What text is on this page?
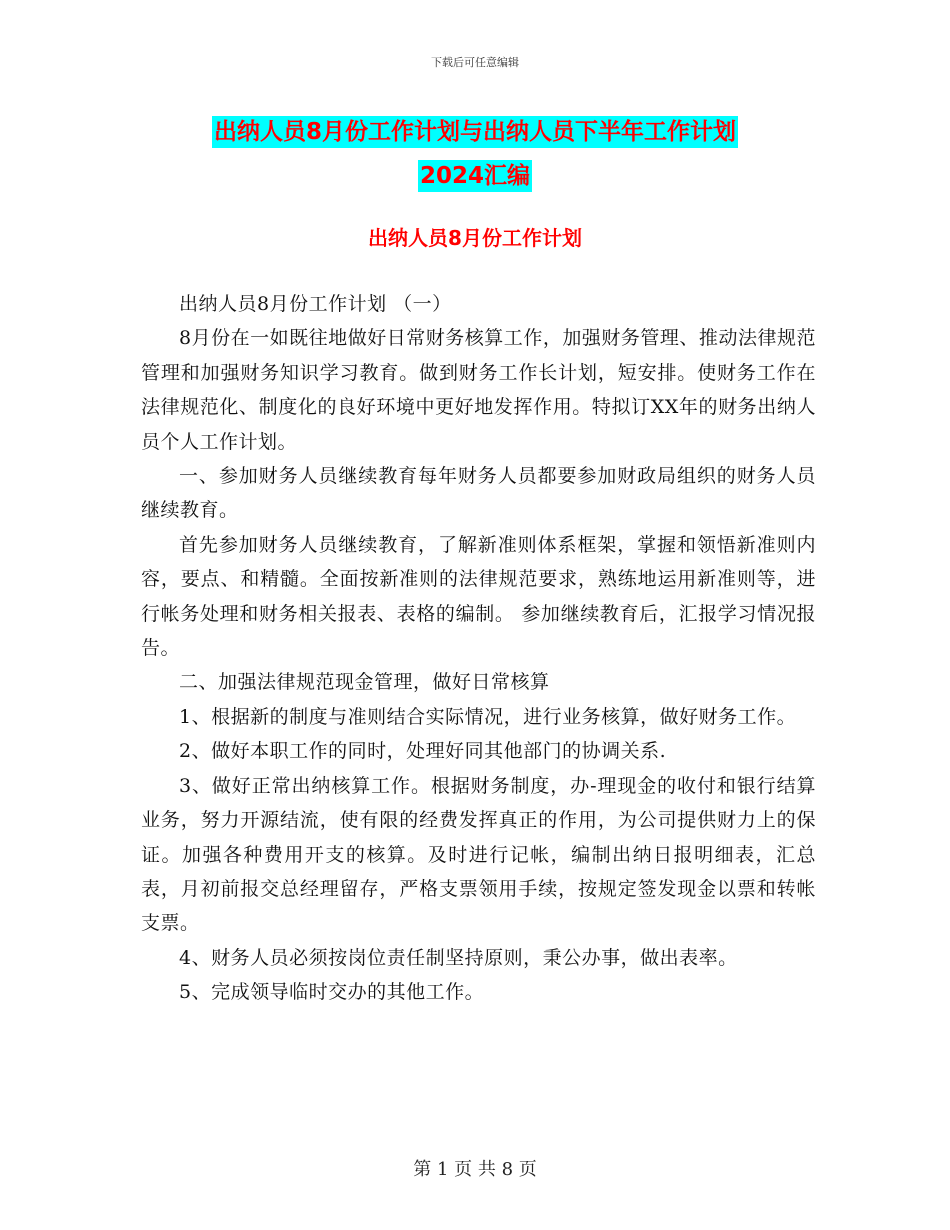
下载后可任意编辑
出纳人员8月份工作计划与出纳人员下半年工作计划
2024汇编
出纳人员8月份工作计划

出纳人员8月份工作计划 （一）

8月份在一如既往地做好日常财务核算工作，加强财务管理、推动法律规范管理和加强财务知识学习教育。做到财务工作长计划，短安排。使财务工作在法律规范化、制度化的良好环境中更好地发挥作用。特拟订XX年的财务出纳人员个人工作计划。

一、参加财务人员继续教育每年财务人员都要参加财政局组织的财务人员继续教育。

首先参加财务人员继续教育，了解新准则体系框架，掌握和领悟新准则内容，要点、和精髓。全面按新准则的法律规范要求，熟练地运用新准则等，进行帐务处理和财务相关报表、表格的编制。 参加继续教育后，汇报学习情况报告。

二、加强法律规范现金管理，做好日常核算

1、根据新的制度与准则结合实际情况，进行业务核算，做好财务工作。

2、做好本职工作的同时，处理好同其他部门的协调关系.

3、做好正常出纳核算工作。根据财务制度，办-理现金的收付和银行结算业务，努力开源结流，使有限的经费发挥真正的作用，为公司提供财力上的保证。加强各种费用开支的核算。及时进行记帐，编制出纳日报明细表，汇总表，月初前报交总经理留存，严格支票领用手续，按规定签发现金以票和转帐支票。

4、财务人员必须按岗位责任制坚持原则，秉公办事，做出表率。

5、完成领导临时交办的其他工作。

第 1 页 共 8 页
